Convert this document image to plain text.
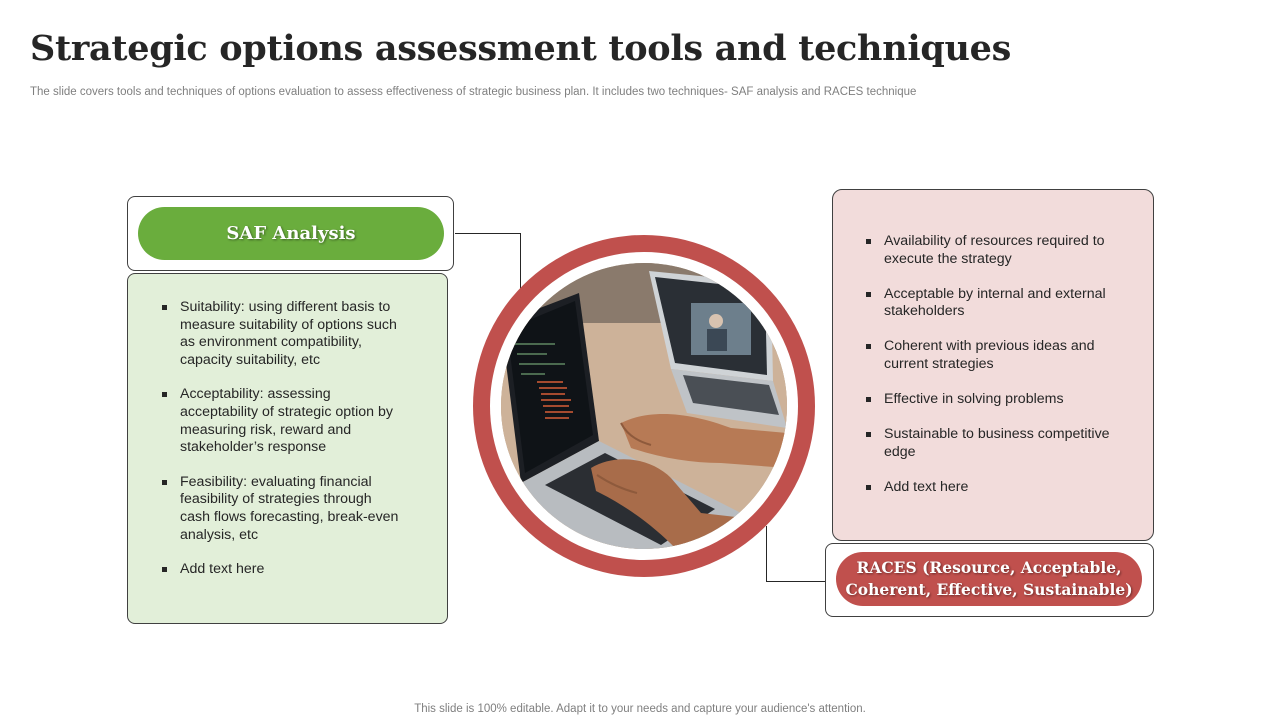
Strategic options assessment tools and techniques

The slide covers tools and techniques of options evaluation to assess effectiveness of strategic business plan. It includes two techniques- SAF analysis and RACES technique

SAF Analysis
Suitability: using different basis to measure suitability of options such as environment compatibility, capacity suitability, etc
Acceptability: assessing acceptability of strategic option by measuring risk, reward and stakeholder’s response
Feasibility: evaluating financial feasibility of strategies through cash flows forecasting, break-even analysis, etc
Add text here
Availability of resources required to execute the strategy
Acceptable by internal and external stakeholders
Coherent with previous ideas and current strategies
Effective in solving problems
Sustainable to business competitive edge
Add text here
RACES (Resource, Acceptable, Coherent, Effective, Sustainable)
This slide is 100% editable. Adapt it to your needs and capture your audience's attention.
